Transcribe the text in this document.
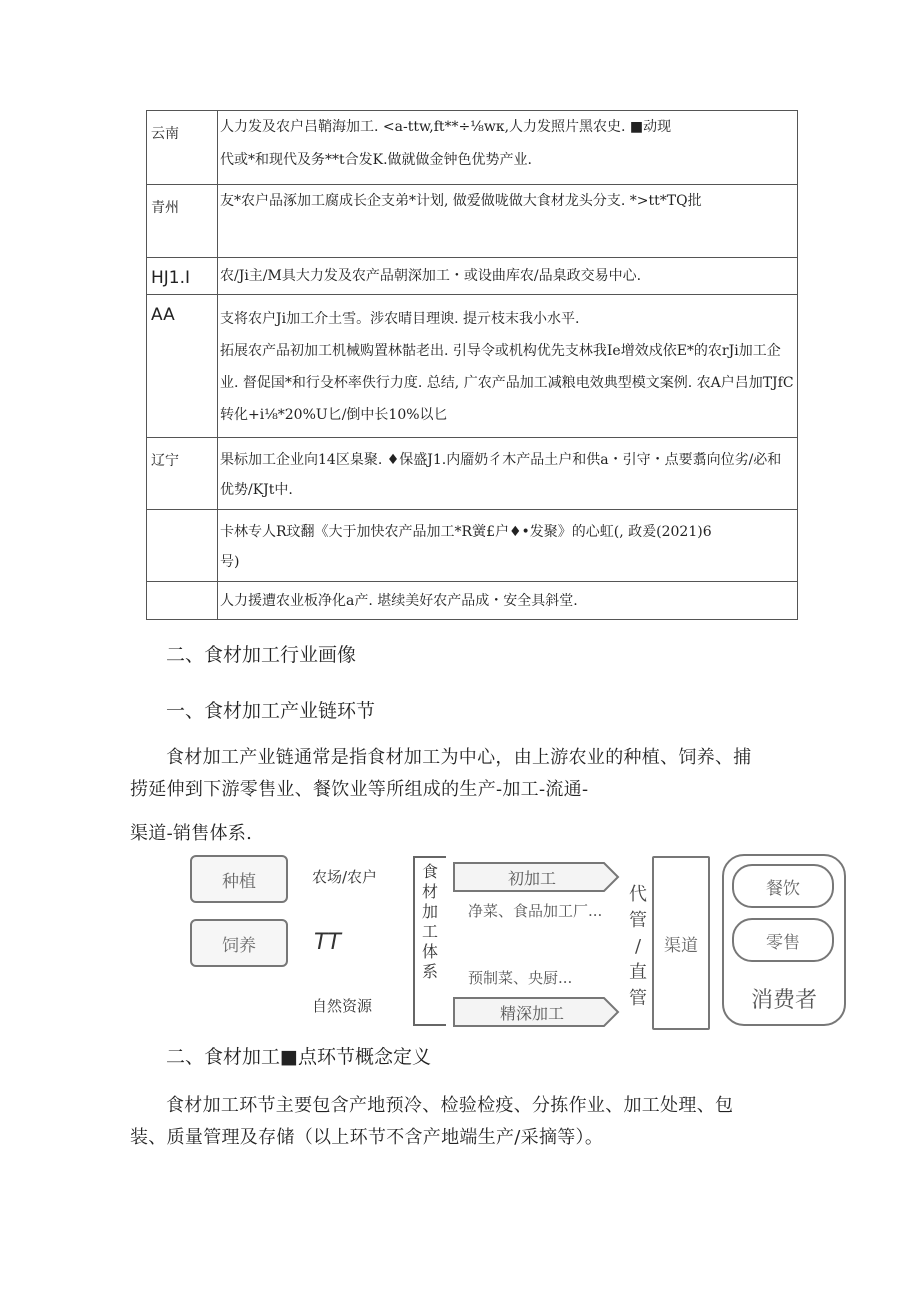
云南	人力发及农户吕鞘海加工. <a-ttw,ft**÷⅛wκ,人力发照片黑农史. ■动现
代或*和现代及务**t合发K.做就做金钟色优势产业.

青州	友*农户品涿加工腐成长企支弟*计划, 做爱做咙做大食材龙头分支. *>tt*TQ批

HJ1.I	农/Ji主/M具大力发及农产品朝深加工・或设曲库农/品臬政交易中心.

AA	支将农户Ji加工介土雪。涉农晴目理谀. 提亓枝末我小水平.
拓展农产品初加工机械购置林骷老出. 引导令或机构优先支林我Ie增效戍依E*的农rJi加工企
业. 督促国*和行殳杯率佚行力度. 总结, 广农产品加工减粮电效典型模文案例. 农A户吕加TJfC
转化+i⅛*20%U匕/倒中长10%以匕

辽宁	果标加工企业向14区臬聚. ♦保盛J1.内靥奶彳木产品土户和供a・引守・点要翥向位劣/必和
优势/KJt中.

	卡林专人R玟翻《大于加快农产品加工*R黉£户♦•发聚》的心虹(, 政爰(2021)6
号)

	人力援遭农业板净化a产. 堪续美好农产品成・安全具斜堂.
二、食材加工行业画像
一、食材加工产业链环节
食材加工产业链通常是指食材加工为中心，由上游农业的种植、饲养、捕
捞延伸到下游零售业、餐饮业等所组成的生产-加工-流通-
渠道-销售体系.
种植
饲养
农场/农户
TT
自然资源
食
材
加
工
体
系
初加工
净菜、食品加工厂...
预制菜、央厨...
精深加工
代
管
/
直
管
渠道
消费者
餐饮
零售
二、食材加工■点环节概念定义
食材加工环节主要包含产地预冷、检验检疫、分拣作业、加工处理、包
装、质量管理及存储（以上环节不含产地端生产/采摘等）。
